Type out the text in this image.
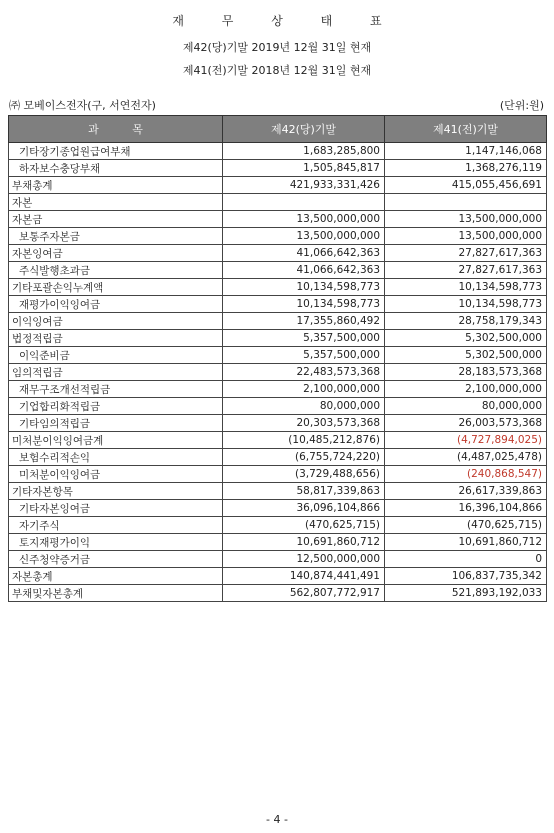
재 무 상 태 표
제42(당)기말 2019년 12월 31일 현재
제41(전)기말 2018년 12월 31일 현재
㈜ 모베이스전자(구, 서연전자)	(단위:원)
과 목	제42(당)기말	제41(전)기말
기타장기종업원급여부채	1,683,285,800	1,147,146,068
하자보수충당부채	1,505,845,817	1,368,276,119
부채총계	421,933,331,426	415,055,456,691
자본		
자본금	13,500,000,000	13,500,000,000
보통주자본금	13,500,000,000	13,500,000,000
자본잉여금	41,066,642,363	27,827,617,363
주식발행초과금	41,066,642,363	27,827,617,363
기타포괄손익누계액	10,134,598,773	10,134,598,773
재평가이익잉여금	10,134,598,773	10,134,598,773
이익잉여금	17,355,860,492	28,758,179,343
법정적립금	5,357,500,000	5,302,500,000
이익준비금	5,357,500,000	5,302,500,000
임의적립금	22,483,573,368	28,183,573,368
재무구조개선적립금	2,100,000,000	2,100,000,000
기업합리화적립금	80,000,000	80,000,000
기타임의적립금	20,303,573,368	26,003,573,368
미처분이익잉여금계	(10,485,212,876)	(4,727,894,025)
보험수리적손익	(6,755,724,220)	(4,487,025,478)
미처분이익잉여금	(3,729,488,656)	(240,868,547)
기타자본항목	58,817,339,863	26,617,339,863
기타자본잉여금	36,096,104,866	16,396,104,866
자기주식	(470,625,715)	(470,625,715)
토지재평가이익	10,691,860,712	10,691,860,712
신주청약증거금	12,500,000,000	0
자본총계	140,874,441,491	106,837,735,342
부채및자본총계	562,807,772,917	521,893,192,033
- 4 -
